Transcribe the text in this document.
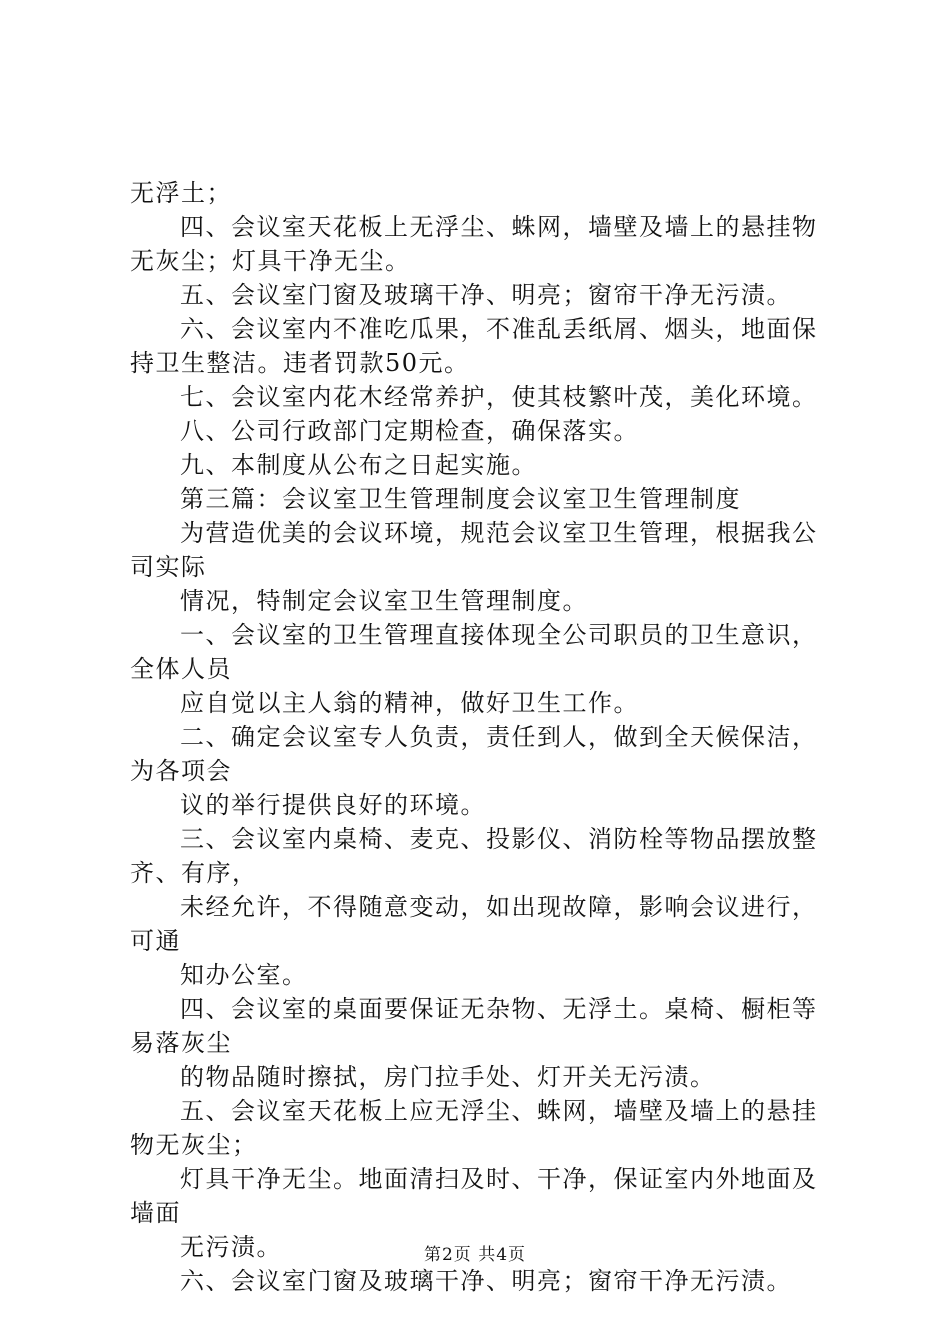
无浮土；
四、会议室天花板上无浮尘、蛛网，墙壁及墙上的悬挂物
无灰尘；灯具干净无尘。
五、会议室门窗及玻璃干净、明亮；窗帘干净无污渍。
六、会议室内不准吃瓜果，不准乱丢纸屑、烟头，地面保
持卫生整洁。违者罚款50元。
七、会议室内花木经常养护，使其枝繁叶茂，美化环境。
八、公司行政部门定期检查，确保落实。
九、本制度从公布之日起实施。
第三篇：会议室卫生管理制度会议室卫生管理制度
为营造优美的会议环境，规范会议室卫生管理，根据我公
司实际
情况，特制定会议室卫生管理制度。
一、会议室的卫生管理直接体现全公司职员的卫生意识，
全体人员
应自觉以主人翁的精神，做好卫生工作。
二、确定会议室专人负责，责任到人，做到全天候保洁，
为各项会
议的举行提供良好的环境。
三、会议室内桌椅、麦克、投影仪、消防栓等物品摆放整
齐、有序，
未经允许，不得随意变动，如出现故障，影响会议进行，
可通
知办公室。
四、会议室的桌面要保证无杂物、无浮土。桌椅、橱柜等
易落灰尘
的物品随时擦拭，房门拉手处、灯开关无污渍。
五、会议室天花板上应无浮尘、蛛网，墙壁及墙上的悬挂
物无灰尘；
灯具干净无尘。地面清扫及时、干净，保证室内外地面及
墙面
无污渍。
六、会议室门窗及玻璃干净、明亮；窗帘干净无污渍。
第2页 共4页
